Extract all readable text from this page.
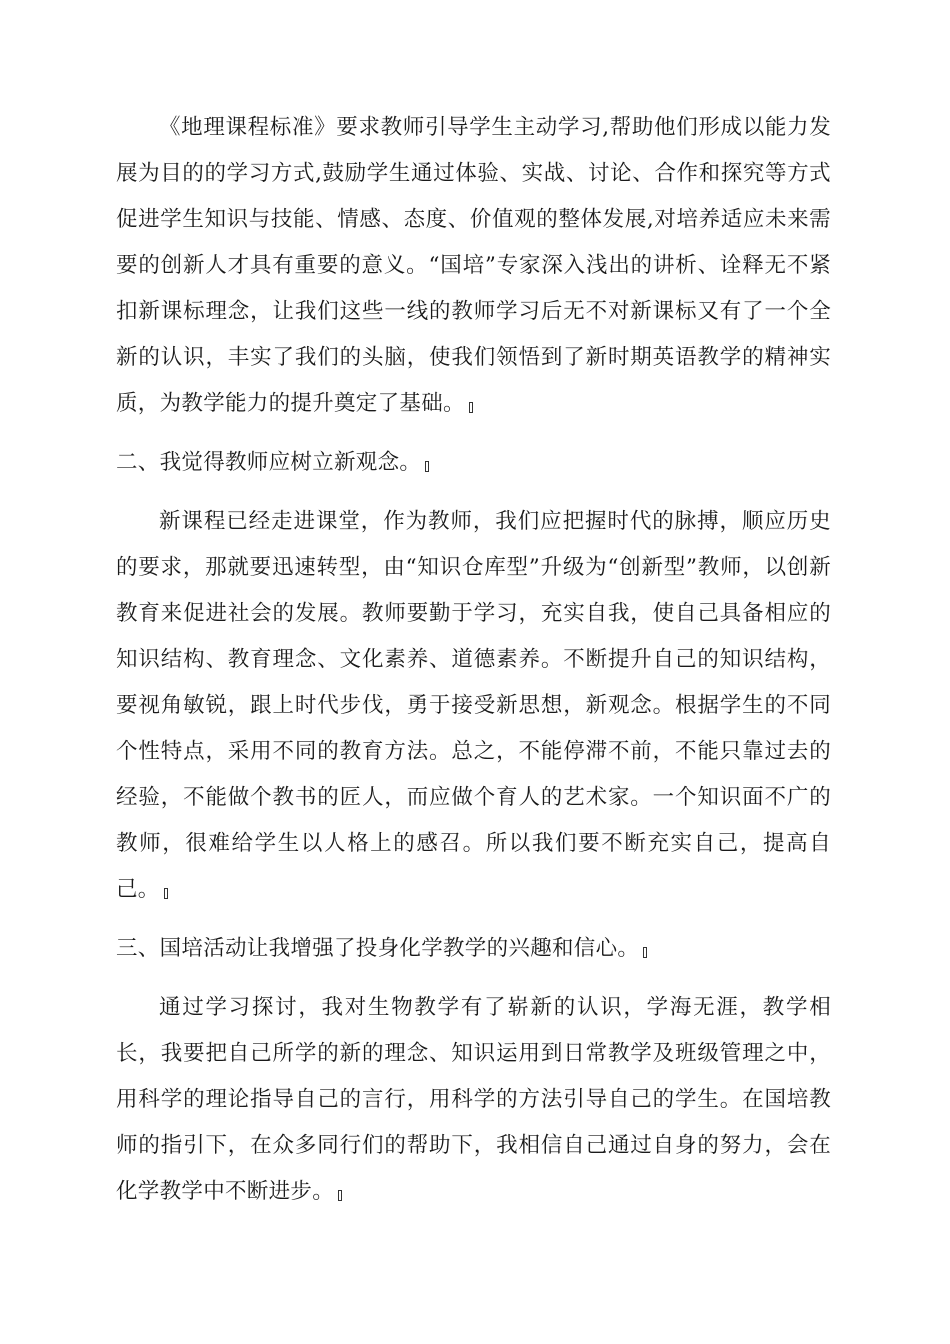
《地理课程标准》要求教师引导学生主动学习,帮助他们形成以能力发展为目的的学习方式,鼓励学生通过体验、实战、讨论、合作和探究等方式促进学生知识与技能、情感、态度、价值观的整体发展,对培养适应未来需要的创新人才具有重要的意义。“国培”专家深入浅出的讲析、诠释无不紧扣新课标理念，让我们这些一线的教师学习后无不对新课标又有了一个全新的认识，丰实了我们的头脑，使我们领悟到了新时期英语教学的精神实质，为教学能力的提升奠定了基础。

二、我觉得教师应树立新观念。

新课程已经走进课堂，作为教师，我们应把握时代的脉搏，顺应历史的要求，那就要迅速转型，由“知识仓库型”升级为“创新型”教师，以创新教育来促进社会的发展。教师要勤于学习，充实自我，使自己具备相应的知识结构、教育理念、文化素养、道德素养。不断提升自己的知识结构，要视角敏锐，跟上时代步伐，勇于接受新思想，新观念。根据学生的不同个性特点，采用不同的教育方法。总之，不能停滞不前，不能只靠过去的经验，不能做个教书的匠人，而应做个育人的艺术家。一个知识面不广的教师，很难给学生以人格上的感召。所以我们要不断充实自己，提高自己。

三、国培活动让我增强了投身化学教学的兴趣和信心。

通过学习探讨，我对生物教学有了崭新的认识，学海无涯，教学相长，我要把自己所学的新的理念、知识运用到日常教学及班级管理之中，用科学的理论指导自己的言行，用科学的方法引导自己的学生。在国培教师的指引下，在众多同行们的帮助下，我相信自己通过自身的努力，会在化学教学中不断进步。
